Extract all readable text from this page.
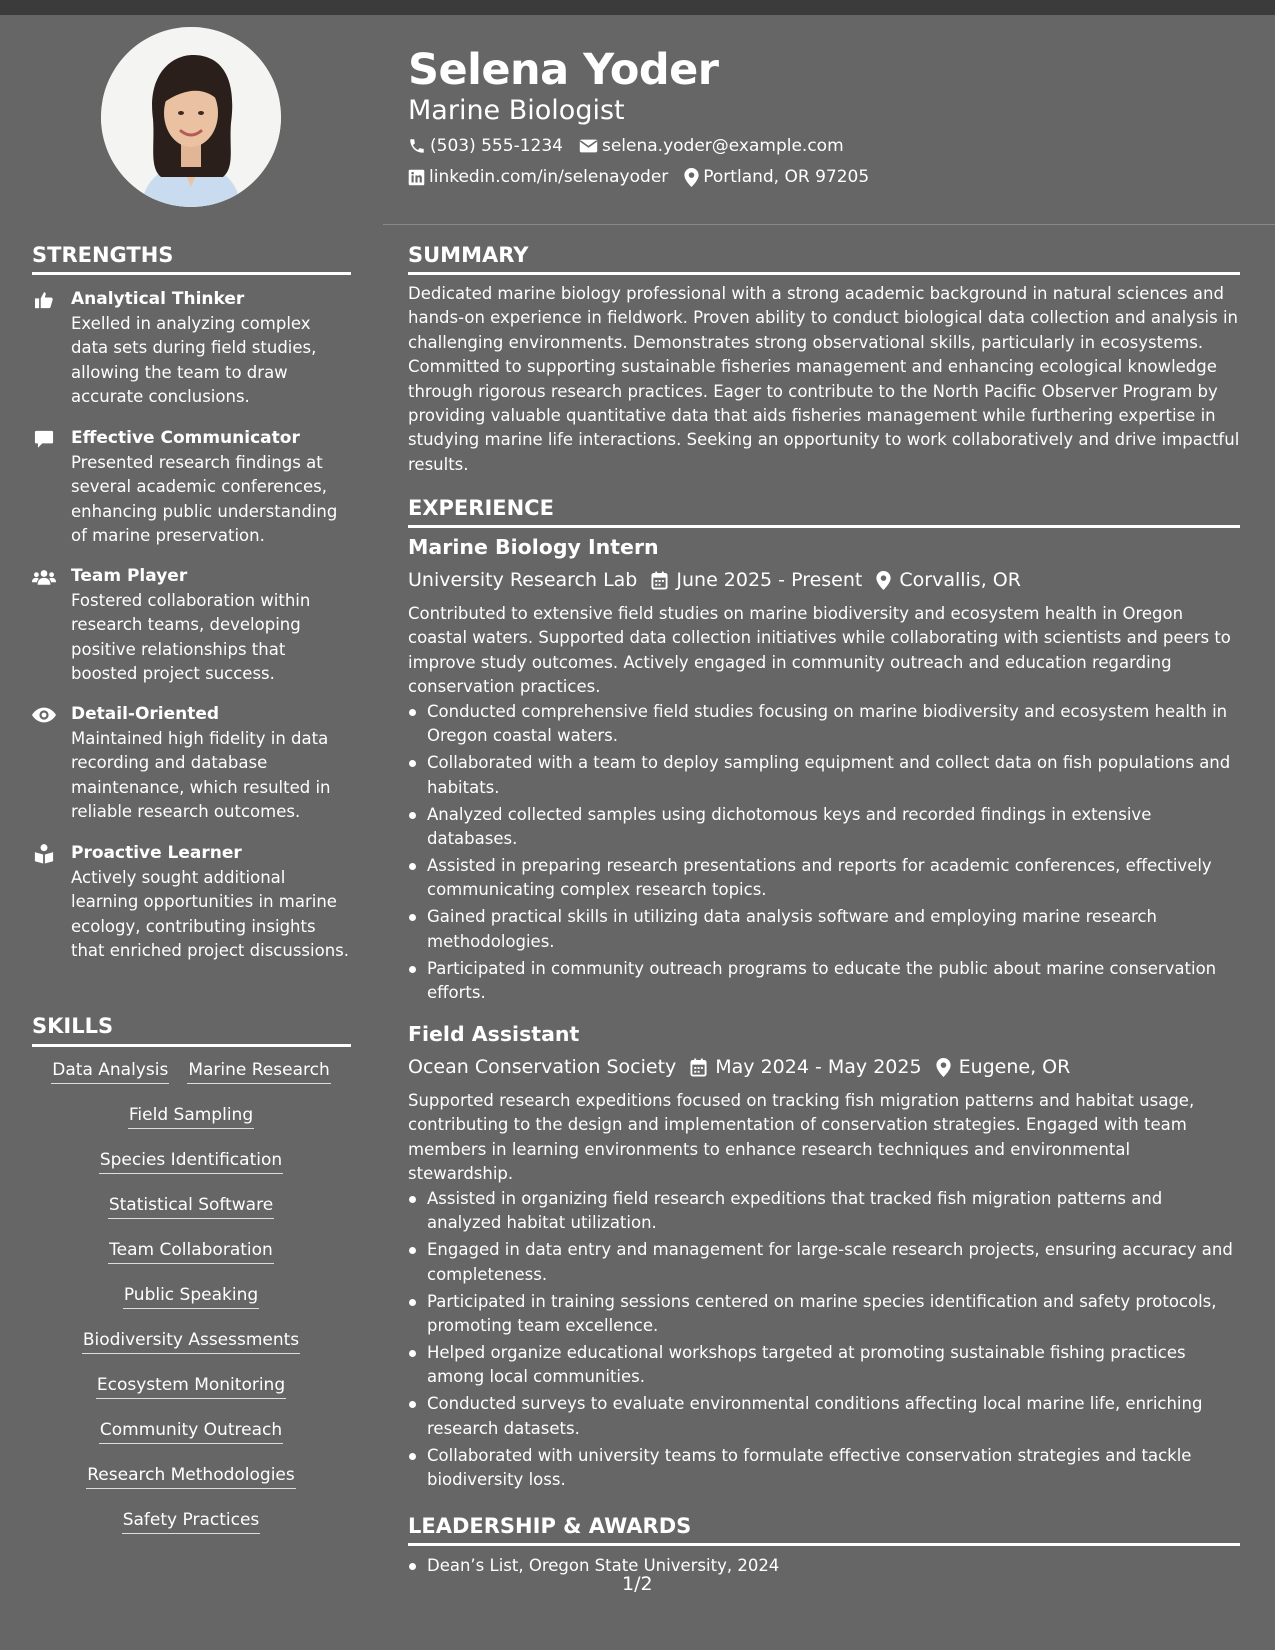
Selena Yoder
Marine Biologist
(503) 555-1234 selena.yoder@example.com
linkedin.com/in/selenayoder Portland, OR 97205
STRENGTHS
Analytical Thinker
Exelled in analyzing complex data sets during field studies, allowing the team to draw accurate conclusions.
Effective Communicator
Presented research findings at several academic conferences, enhancing public understanding of marine preservation.
Team Player
Fostered collaboration within research teams, developing positive relationships that boosted project success.
Detail-Oriented
Maintained high fidelity in data recording and database maintenance, which resulted in reliable research outcomes.
Proactive Learner
Actively sought additional learning opportunities in marine ecology, contributing insights that enriched project discussions.
SKILLS
Data Analysis Marine Research
Field Sampling
Species Identification
Statistical Software
Team Collaboration
Public Speaking
Biodiversity Assessments
Ecosystem Monitoring
Community Outreach
Research Methodologies
Safety Practices
SUMMARY
Dedicated marine biology professional with a strong academic background in natural sciences and hands-on experience in fieldwork. Proven ability to conduct biological data collection and analysis in challenging environments. Demonstrates strong observational skills, particularly in ecosystems. Committed to supporting sustainable fisheries management and enhancing ecological knowledge through rigorous research practices. Eager to contribute to the North Pacific Observer Program by providing valuable quantitative data that aids fisheries management while furthering expertise in studying marine life interactions. Seeking an opportunity to work collaboratively and drive impactful results.
EXPERIENCE
Marine Biology Intern
University Research Lab June 2025 - Present Corvallis, OR
Contributed to extensive field studies on marine biodiversity and ecosystem health in Oregon coastal waters. Supported data collection initiatives while collaborating with scientists and peers to improve study outcomes. Actively engaged in community outreach and education regarding conservation practices.
Conducted comprehensive field studies focusing on marine biodiversity and ecosystem health in Oregon coastal waters.
Collaborated with a team to deploy sampling equipment and collect data on fish populations and habitats.
Analyzed collected samples using dichotomous keys and recorded findings in extensive databases.
Assisted in preparing research presentations and reports for academic conferences, effectively communicating complex research topics.
Gained practical skills in utilizing data analysis software and employing marine research methodologies.
Participated in community outreach programs to educate the public about marine conservation efforts.
Field Assistant
Ocean Conservation Society May 2024 - May 2025 Eugene, OR
Supported research expeditions focused on tracking fish migration patterns and habitat usage, contributing to the design and implementation of conservation strategies. Engaged with team members in learning environments to enhance research techniques and environmental stewardship.
Assisted in organizing field research expeditions that tracked fish migration patterns and analyzed habitat utilization.
Engaged in data entry and management for large-scale research projects, ensuring accuracy and completeness.
Participated in training sessions centered on marine species identification and safety protocols, promoting team excellence.
Helped organize educational workshops targeted at promoting sustainable fishing practices among local communities.
Conducted surveys to evaluate environmental conditions affecting local marine life, enriching research datasets.
Collaborated with university teams to formulate effective conservation strategies and tackle biodiversity loss.
LEADERSHIP & AWARDS
Dean’s List, Oregon State University, 2024
1/2
